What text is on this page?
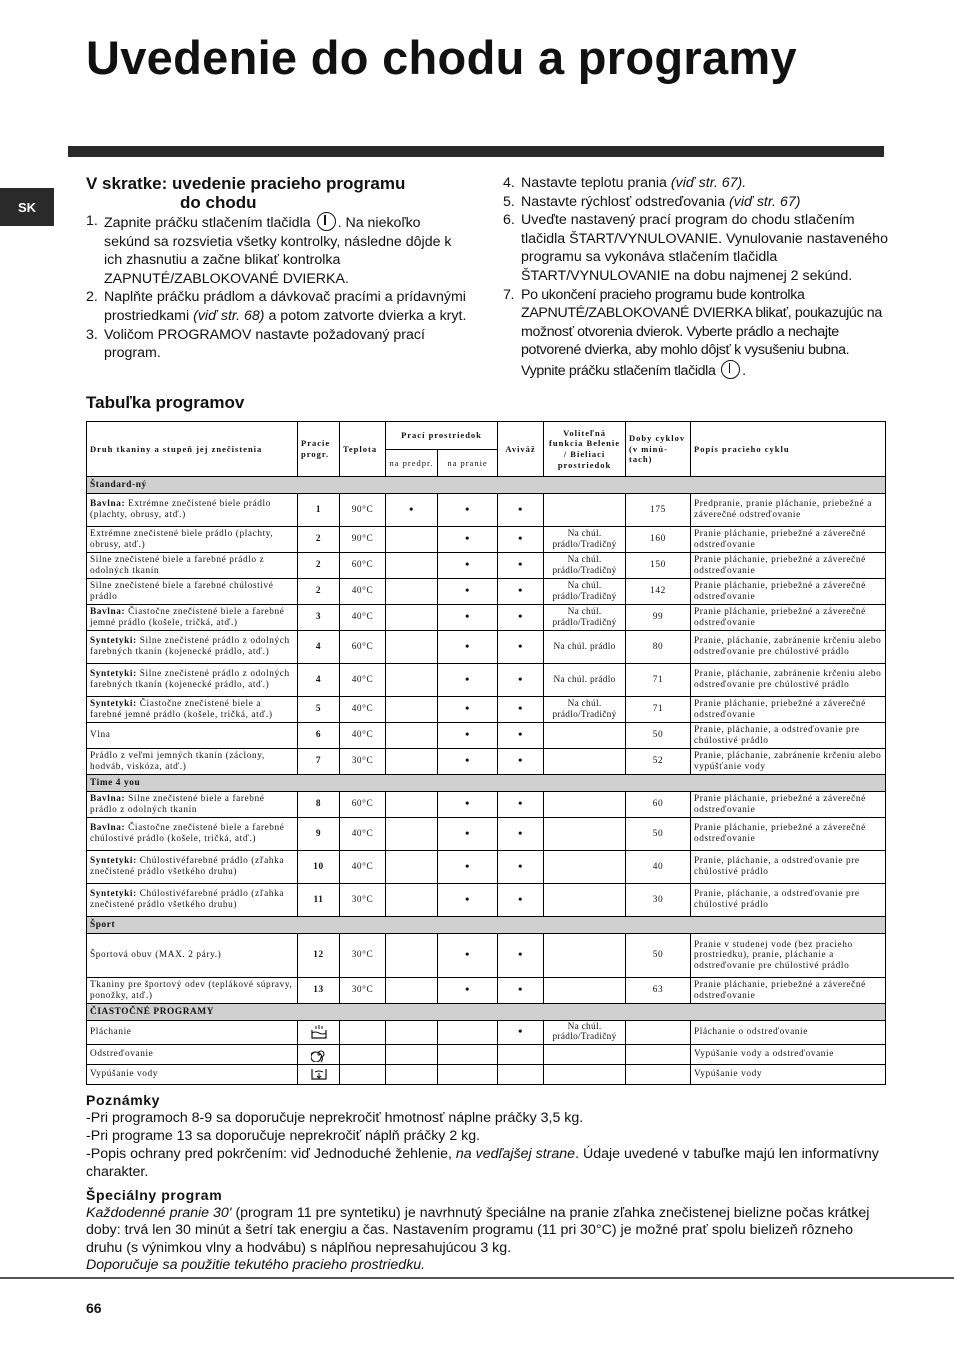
Uvedenie do chodu a programy
SK
V skratke: uvedenie pracieho programu
do chodu
1. Zapnite práčku stlačením tlačidla . Na niekoľko sekúnd sa rozsvietia všetky kontrolky, následne dôjde k ich zhasnutiu a začne blikať kontrolka ZAPNUTÉ/ZABLOKOVANÉ DVIERKA.
2. Naplňte práčku prádlom a dávkovač pracími a prídavnými prostriedkami (viď str. 68) a potom zatvorte dvierka a kryt.
3. Voličom PROGRAMOV nastavte požadovaný prací program.
4. Nastavte teplotu prania (viď str. 67).
5. Nastavte rýchlosť odstreďovania (viď str. 67)
6. Uveďte nastavený prací program do chodu stlačením tlačidla ŠTART/VYNULOVANIE. Vynulovanie nastaveného programu sa vykonáva stlačením tlačidla ŠTART/VYNULOVANIE na dobu najmenej 2 sekúnd.
7. Po ukončení pracieho programu bude kontrolka ZAPNUTÉ/ZABLOKOVANÉ DVIERKA blikať, poukazujúc na možnosť otvorenia dvierok. Vyberte prádlo a nechajte potvorené dvierka, aby mohlo dôjsť k vysušeniu bubna. Vypnite práčku stlačením tlačidla .
Tabuľka programov
Druh tkaniny a stupeň jej znečistenia	Pracie progr.	Teplota	Prací prostriedok		Aviváž	Voliteľná funkcia Belenie / Bieliaci prostriedok	Doby cyklov (v minú-tach)	Popis pracieho cyklu
			na predpr.	na pranie				
Štandard-ný								
Bavlna: Extrémne znečistené biele prádlo (plachty, obrusy, atď.)	1	90°C	•	•	•		175	Predpranie, pranie pláchanie, priebežné a záverečné odstreďovanie
Extrémne znečistené biele prádlo (plachty, obrusy, atď.)	2	90°C		•	•	Na chúl. prádlo/Tradičný	160	Pranie pláchanie, priebežné a záverečné odstreďovanie
Silne znečistené biele a farebné prádlo z odolných tkanín	2	60°C		•	•	Na chúl. prádlo/Tradičný	150	Pranie pláchanie, priebežné a záverečné odstreďovanie
Silne znečistené biele a farebné chúlostivé prádlo	2	40°C		•	•	Na chúl. prádlo/Tradičný	142	Pranie pláchanie, priebežné a záverečné odstreďovanie
Bavlna: Čiastočne znečistené biele a farebné jemné prádlo (košele, tričká, atď.)	3	40°C		•	•	Na chúl. prádlo/Tradičný	99	Pranie pláchanie, priebežné a záverečné odstreďovanie
Syntetyki: Silne znečistené prádlo z odolných farebných tkanín (kojenecké prádlo, atď.)	4	60°C		•	•	Na chúl. prádlo	80	Pranie, pláchanie, zabránenie krčeniu alebo odstreďovanie pre chúlostivé prádlo
Syntetyki: Silne znečistené prádlo z odolných farebných tkanín (kojenecké prádlo, atď.)	4	40°C		•	•	Na chúl. prádlo	71	Pranie, pláchanie, zabránenie krčeniu alebo odstreďovanie pre chúlostivé prádlo
Syntetyki: Čiastočne znečistené biele a farebné jemné prádlo (košele, tričká, atď.)	5	40°C		•	•	Na chúl. prádlo/Tradičný	71	Pranie pláchanie, priebežné a záverečné odstreďovanie
Vlna	6	40°C		•	•		50	Pranie, pláchanie, a odstreďovanie pre chúlostivé prádlo
Prádlo z veľmi jemných tkanín (záclony, hodváb, viskóza, atď.)	7	30°C		•	•		52	Pranie, pláchanie, zabránenie krčeniu alebo vypúšťanie vody
Time 4 you								
Bavlna: Silne znečistené biele a farebné prádlo z odolných tkanín	8	60°C		•	•		60	Pranie pláchanie, priebežné a záverečné odstreďovanie
Bavlna: Čiastočne znečistené biele a farebné chúlostivé prádlo (košele, tričká, atď.)	9	40°C		•	•		50	Pranie pláchanie, priebežné a záverečné odstreďovanie
Syntetyki: Chúlostivéfarebné prádlo (zľahka znečistené prádlo všetkého druhu)	10	40°C		•	•		40	Pranie, pláchanie, a odstreďovanie pre chúlostivé prádlo
Syntetyki: Chúlostivéfarebné prádlo (zľahka znečistené prádlo všetkého druhu)	11	30°C		•	•		30	Pranie, pláchanie, a odstreďovanie pre chúlostivé prádlo
Šport								
Športová obuv (MAX. 2 páry.)	12	30°C		•	•		50	Pranie v studenej vode (bez pracieho prostriedku), pranie, pláchanie a odstreďovanie pre chúlostivé prádlo
Tkaniny pre športový odev (teplákové súpravy, ponožky, atď.)	13	30°C		•	•		63	Pranie pláchanie, priebežné a záverečné odstreďovanie
ČIASTOČNÉ PROGRAMY								
Pláchanie					•	Na chúl. prádlo/Tradičný		Pláchanie o odstreďovanie
Odstreďovanie								Vypúšanie vody a odstreďovanie
Vypúšanie vody								Vypúšanie vody
Poznámky
-Pri programoch 8-9 sa doporučuje neprekročiť hmotnosť náplne práčky 3,5 kg.
-Pri programe 13 sa doporučuje neprekročiť náplň práčky 2 kg.
-Popis ochrany pred pokrčením: viď Jednoduché žehlenie, na vedľajšej strane. Údaje uvedené v tabuľke majú len informatívny charakter.
Špeciálny program
Každodenné pranie 30' (program 11 pre syntetiku) je navrhnutý špeciálne na pranie zľahka znečistenej bielizne počas krátkej doby: trvá len 30 minút a šetrí tak energiu a čas. Nastavením programu (11 pri 30°C) je možné prať spolu bielizeň rôzneho druhu (s výnimkou vlny a hodvábu) s náplňou nepresahujúcou 3 kg.
Doporučuje sa použitie tekutého pracieho prostriedku.
66
